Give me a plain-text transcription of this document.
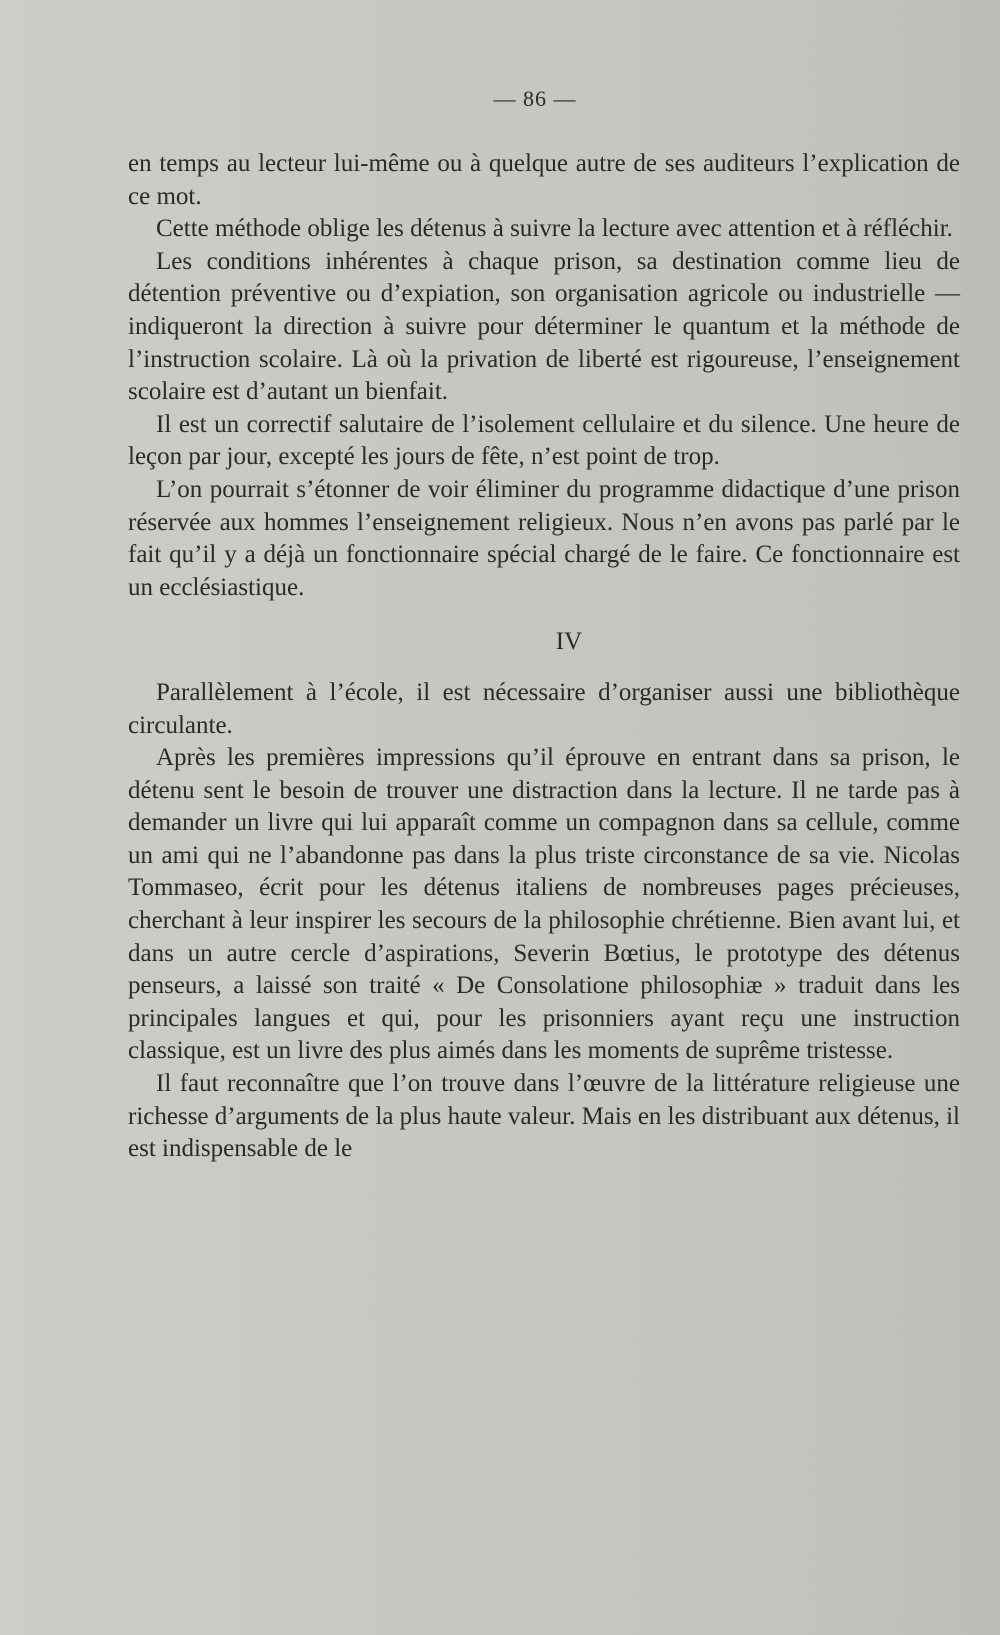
— 86 —

en temps au lecteur lui-même ou à quelque autre de ses auditeurs l’explication de ce mot.

Cette méthode oblige les détenus à suivre la lecture avec attention et à réfléchir.

Les conditions inhérentes à chaque prison, sa destination comme lieu de détention préventive ou d’expiation, son organisation agricole ou industrielle — indiqueront la direction à suivre pour déterminer le quantum et la méthode de l’instruction scolaire. Là où la privation de liberté est rigoureuse, l’enseignement scolaire est d’autant un bienfait.

Il est un correctif salutaire de l’isolement cellulaire et du silence. Une heure de leçon par jour, excepté les jours de fête, n’est point de trop.

L’on pourrait s’étonner de voir éliminer du programme didactique d’une prison réservée aux hommes l’enseignement religieux. Nous n’en avons pas parlé par le fait qu’il y a déjà un fonctionnaire spécial chargé de le faire. Ce fonctionnaire est un ecclésiastique.

IV

Parallèlement à l’école, il est nécessaire d’organiser aussi une bibliothèque circulante.

Après les premières impressions qu’il éprouve en entrant dans sa prison, le détenu sent le besoin de trouver une distraction dans la lecture. Il ne tarde pas à demander un livre qui lui apparaît comme un compagnon dans sa cellule, comme un ami qui ne l’abandonne pas dans la plus triste circonstance de sa vie. Nicolas Tommaseo, écrit pour les détenus italiens de nombreuses pages précieuses, cherchant à leur inspirer les secours de la philosophie chrétienne. Bien avant lui, et dans un autre cercle d’aspirations, Severin Bœtius, le prototype des détenus penseurs, a laissé son traité « De Consolatione philosophiæ » traduit dans les principales langues et qui, pour les prisonniers ayant reçu une instruction classique, est un livre des plus aimés dans les moments de suprême tristesse.

Il faut reconnaître que l’on trouve dans l’œuvre de la littérature religieuse une richesse d’arguments de la plus haute valeur. Mais en les distribuant aux détenus, il est indispensable de le
